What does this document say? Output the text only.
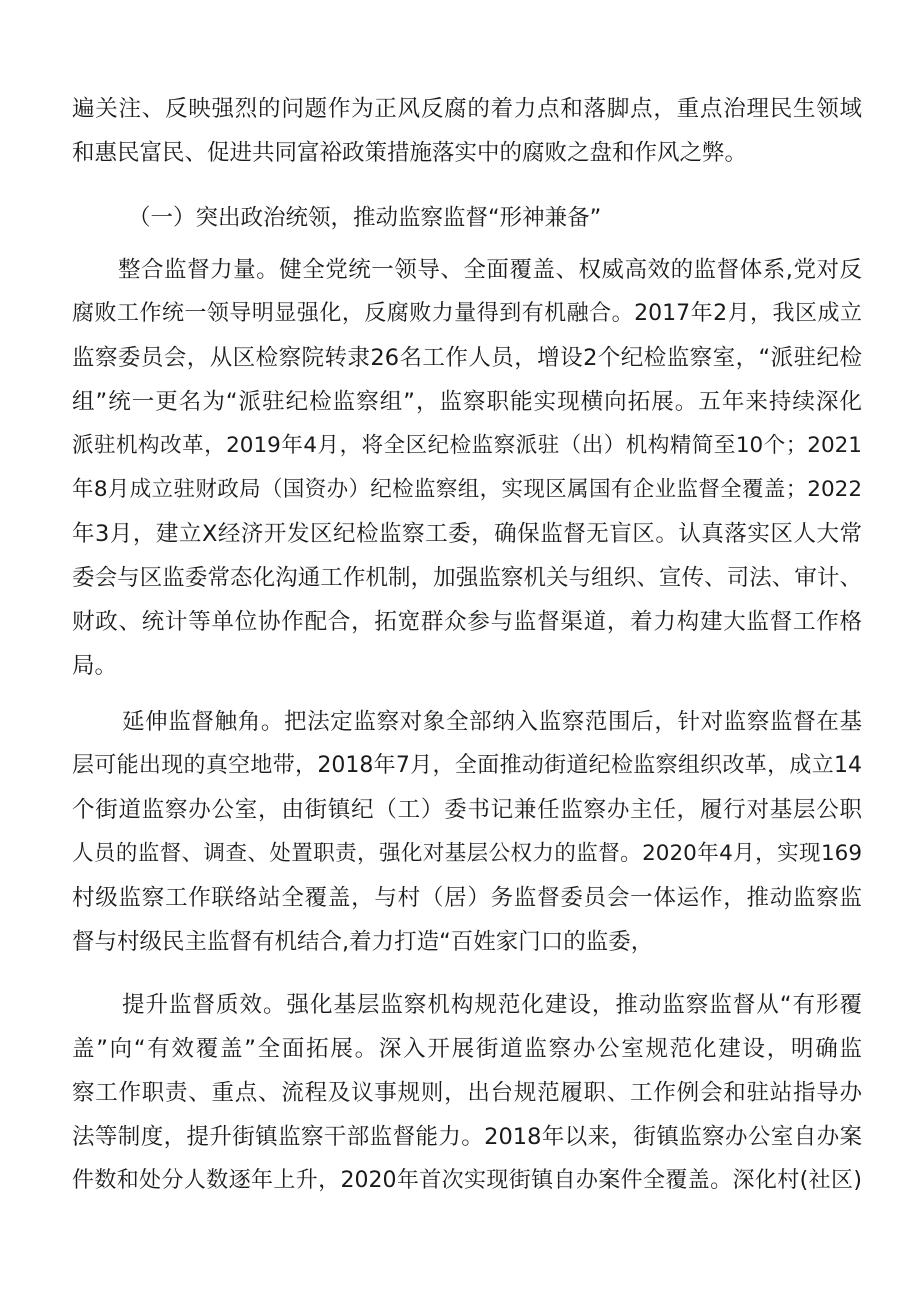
遍关注、反映强烈的问题作为正风反腐的着力点和落脚点，重点治理民生领域
和惠民富民、促进共同富裕政策措施落实中的腐败之盘和作风之弊。
（一）突出政治统领，推动监察监督“形神兼备”
整合监督力量。健全党统一领导、全面覆盖、权威高效的监督体系,党对反
腐败工作统一领导明显强化，反腐败力量得到有机融合。2017年2月，我区成立
监察委员会，从区检察院转隶26名工作人员，增设2个纪检监察室，“派驻纪检
组”统一更名为“派驻纪检监察组”，监察职能实现横向拓展。五年来持续深化
派驻机构改革，2019年4月，将全区纪检监察派驻（出）机构精简至10个；2021
年8月成立驻财政局（国资办）纪检监察组，实现区属国有企业监督全覆盖；2022
年3月，建立X经济开发区纪检监察工委，确保监督无盲区。认真落实区人大常
委会与区监委常态化沟通工作机制，加强监察机关与组织、宣传、司法、审计、
财政、统计等单位协作配合，拓宽群众参与监督渠道，着力构建大监督工作格
局。
延伸监督触角。把法定监察对象全部纳入监察范围后，针对监察监督在基
层可能出现的真空地带，2018年7月，全面推动街道纪检监察组织改革，成立14
个街道监察办公室，由街镇纪（工）委书记兼任监察办主任，履行对基层公职
人员的监督、调查、处置职责，强化对基层公权力的监督。2020年4月，实现169
村级监察工作联络站全覆盖，与村（居）务监督委员会一体运作，推动监察监
督与村级民主监督有机结合,着力打造“百姓家门口的监委，
提升监督质效。强化基层监察机构规范化建设，推动监察监督从“有形覆
盖”向“有效覆盖”全面拓展。深入开展街道监察办公室规范化建设，明确监
察工作职责、重点、流程及议事规则，出台规范履职、工作例会和驻站指导办
法等制度，提升街镇监察干部监督能力。2018年以来，街镇监察办公室自办案
件数和处分人数逐年上升，2020年首次实现街镇自办案件全覆盖。深化村(社区)
